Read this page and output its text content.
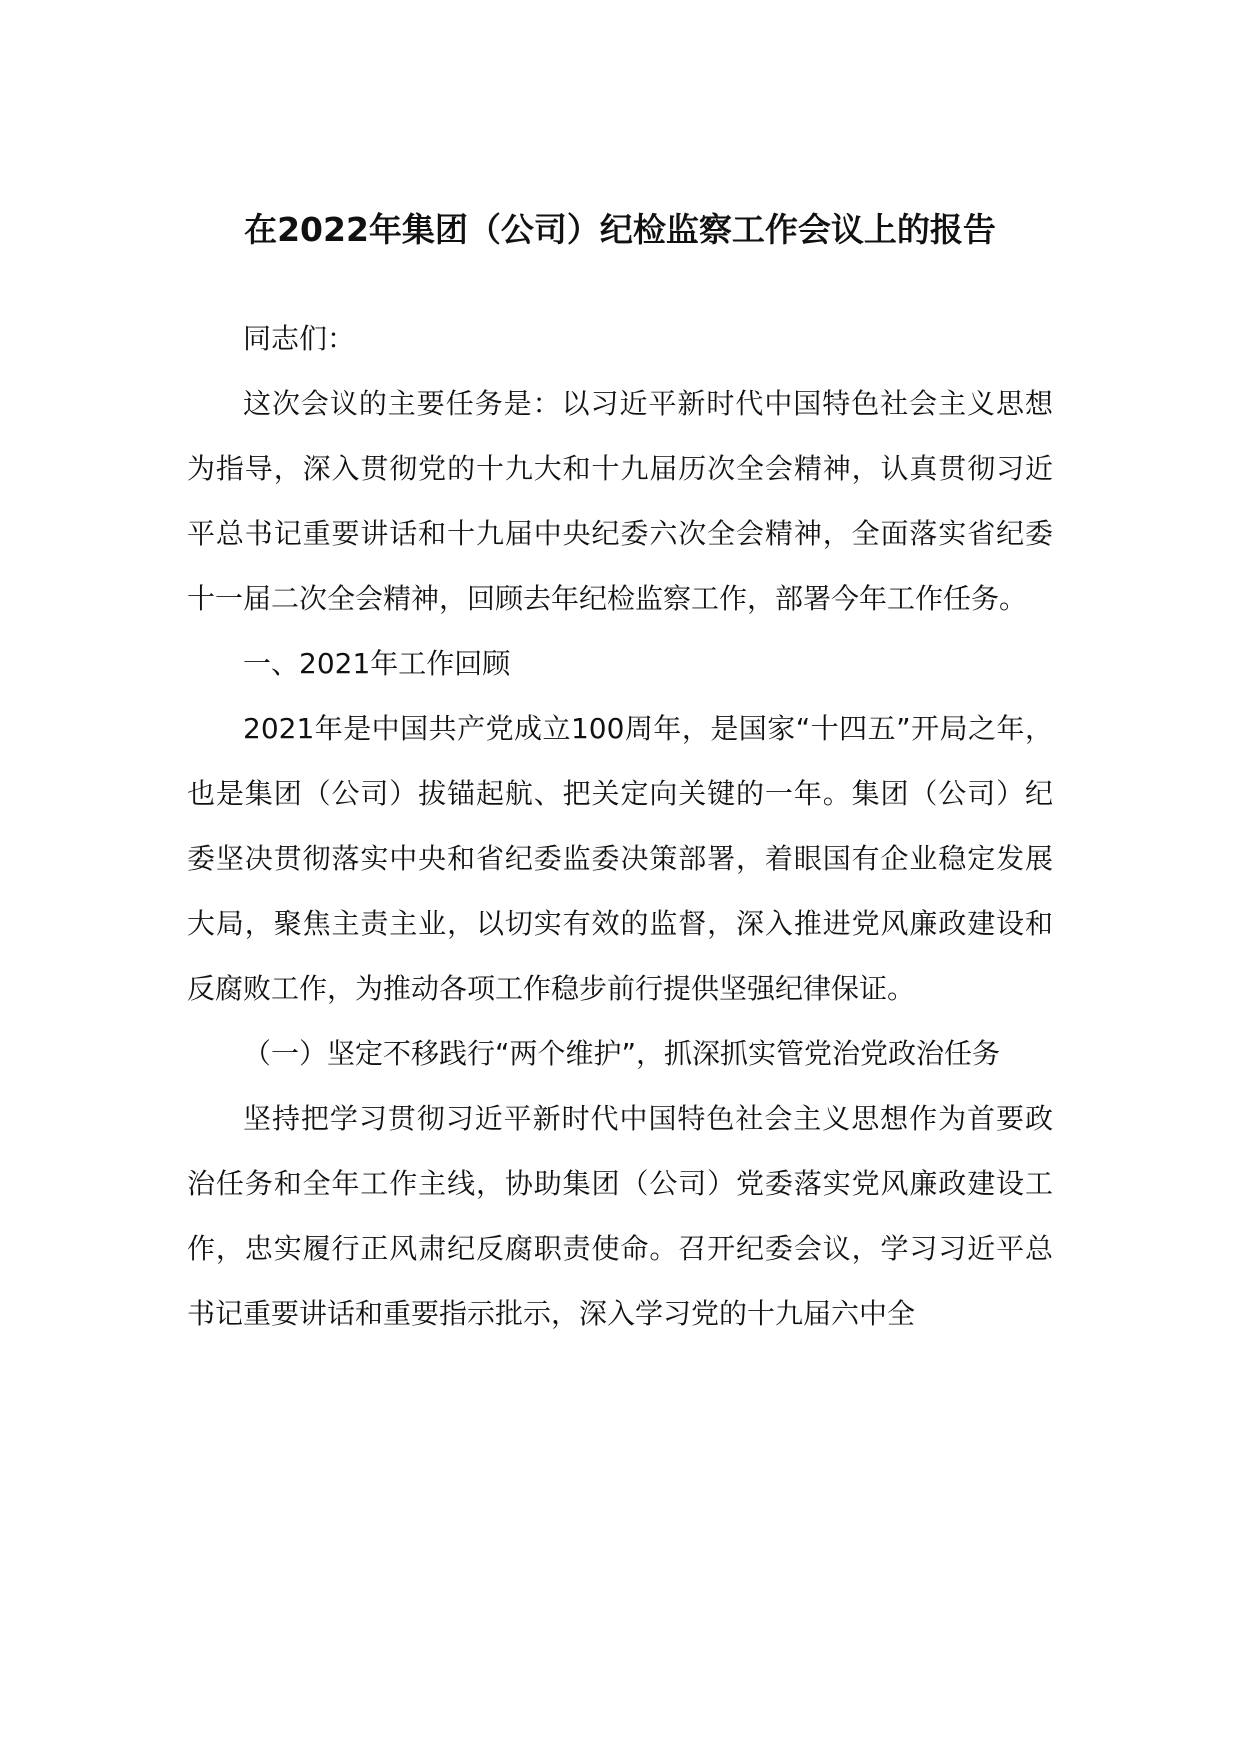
在2022年集团（公司）纪检监察工作会议上的报告

同志们：

这次会议的主要任务是：以习近平新时代中国特色社会主义思想为指导，深入贯彻党的十九大和十九届历次全会精神，认真贯彻习近平总书记重要讲话和十九届中央纪委六次全会精神，全面落实省纪委十一届二次全会精神，回顾去年纪检监察工作，部署今年工作任务。

一、2021年工作回顾

2021年是中国共产党成立100周年，是国家“十四五”开局之年，也是集团（公司）拔锚起航、把关定向关键的一年。集团（公司）纪委坚决贯彻落实中央和省纪委监委决策部署，着眼国有企业稳定发展大局，聚焦主责主业，以切实有效的监督，深入推进党风廉政建设和反腐败工作，为推动各项工作稳步前行提供坚强纪律保证。

（一）坚定不移践行“两个维护”，抓深抓实管党治党政治任务

坚持把学习贯彻习近平新时代中国特色社会主义思想作为首要政治任务和全年工作主线，协助集团（公司）党委落实党风廉政建设工作，忠实履行正风肃纪反腐职责使命。召开纪委会议，学习习近平总书记重要讲话和重要指示批示，深入学习党的十九届六中全
